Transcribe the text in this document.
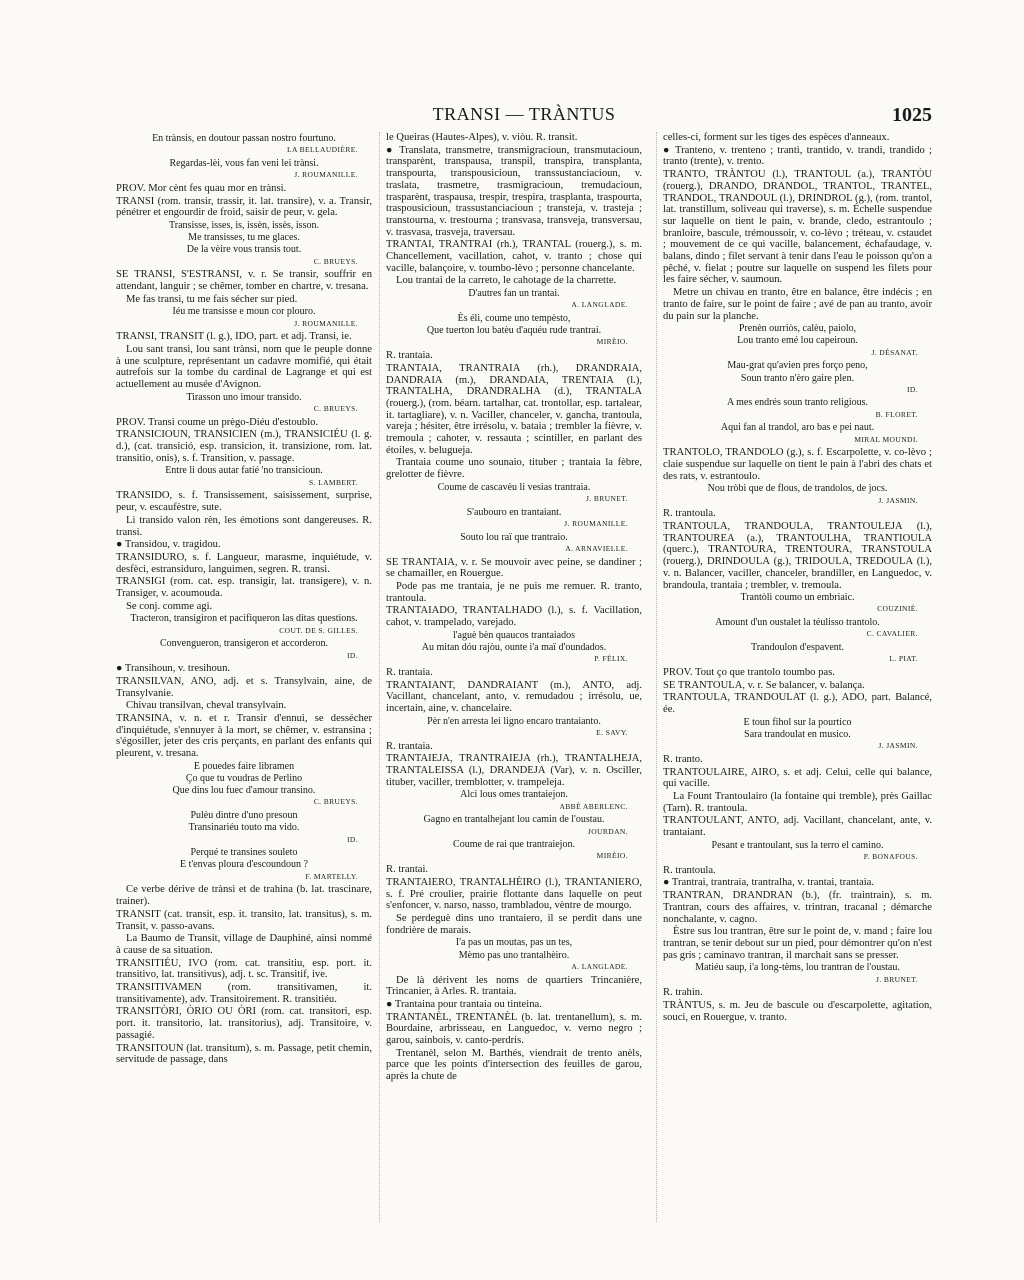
TRANSI — TRÀNTUS	1025
En trànsis, en doutour passan nostro fourtuno.
LA BELLAUDIÈRE.
Regardas-lèi, vous fan veni lei trànsi.
J. ROUMANILLE.
PROV. Mor cènt fes quau mor en trànsi.
TRANSI (rom. transir, trassir, it. lat. transire), v. a. Transir, pénétrer et engourdir de froid, saisir de peur, v. gela.
Transisse, isses, is, issèn, issès, isson.
Me transisses, tu me glaces.
De la vèire vous transis tout.
C. BRUEYS.
SE TRANSI, S'ESTRANSI, v. r. Se transir, souffrir en attendant, languir ; se chêmer, tomber en chartre, v. tresana.
Me fas transi, tu me fais sécher sur pied.
Iéu me transisse e moun cor plouro.
J. ROUMANILLE.
TRANSI, TRANSIT (l. g.), IDO, part. et adj. Transi, ie.
Lou sant transi, lou sant trànsi, nom que le peuple donne à une sculpture, représentant un cadavre momifié, qui était autrefois sur la tombe du cardinal de Lagrange et qui est actuellement au musée d'Avignon.
Tirasson uno imour transido.
C. BRUEYS.
PROV. Transi coume un prègo-Diéu d'estoublo.
TRANSICIOUN, TRANSICIEN (m.), TRANSICIÉU (l. g. d.), (cat. transició, esp. transicion, it. transizione, rom. lat. transitio, onis), s. f. Transition, v. passage.
Entre li dous autar fatié 'no transicioun.
S. LAMBERT.
TRANSIDO, s. f. Transissement, saisissement, surprise, peur, v. escaufèstre, sute.
Li transido valon rèn, les émotions sont dangereuses. R. transi.
● Transidou, v. tragidou.
TRANSIDURO, s. f. Langueur, marasme, inquiétude, v. desfèci, estransiduro, languimen, segren. R. transi.
TRANSIGI (rom. cat. esp. transigir, lat. transigere), v. n. Transiger, v. acoumouda.
Se conj. comme agi.
Tracteron, transigiron et pacifiqueron las ditas questions.
COUT. DE S. GILLES.
Convengueron, transigeron et accorderon.
ID.
● Transihoun, v. tresihoun.
TRANSILVAN, ANO, adj. et s. Transylvain, aine, de Transylvanie.
Chivau transilvan, cheval transylvain.
TRANSINA, v. n. et r. Transir d'ennui, se dessécher d'inquiétude, s'ennuyer à la mort, se chêmer, v. estransina ; s'égosiller, jeter des cris perçants, en parlant des enfants qui pleurent, v. tresana.
E pouedes faire libramen
Ço que tu voudras de Perlino
Que dins lou fuec d'amour transino.
C. BRUEYS.
Pulèu dintre d'uno presoun
Transinariéu touto ma vido.
ID.
Perqué te transines souleto
E t'envas ploura d'escoundoun ?
F. MARTELLY.
Ce verbe dérive de trànsi et de trahina (b. lat. trascinare, trainer).
TRANSIT (cat. transit, esp. it. transito, lat. transitus), s. m. Transit, v. passo-avans.
La Baumo de Transit, village de Dauphiné, ainsi nommé à cause de sa situation.
TRANSITIÉU, IVO (rom. cat. transitiu, esp. port. it. transitivo, lat. transitivus), adj. t. sc. Transitif, ive.
TRANSITIVAMEN (rom. transitivamen, it. transitivamente), adv. Transitoirement. R. transitiéu.
TRANSITÒRI, ÒRIO OU ÒRI (rom. cat. transitori, esp. port. it. transitorio, lat. transitorius), adj. Transitoire, v. passagié.
TRANSITOUN (lat. transitum), s. m. Passage, petit chemin, servitude de passage, dans
le Queiras (Hautes-Alpes), v. viòu. R. transit.
● Translata, transmetre, transmigracioun, transmutacioun, transparènt, transpausa, transpil, transpira, transplanta, transpourta, transpousicioun, transsustanciacioun, v. traslata, trasmetre, trasmigracioun, tremudacioun, trasparènt, traspausa, trespir, trespira, trasplanta, traspourta, traspousicioun, trassustanciacioun ; transteja, v. trasteja ; transtourna, v. trestourna ; transvasa, transveja, transversau, v. trasvasa, trasveja, traversau.
TRANTAI, TRANTRAI (rh.), TRANTAL (rouerg.), s. m. Chancellement, vacillation, cahot, v. tranto ; chose qui vacille, balançoire, v. toumbo-lèvo ; personne chancelante.
Lou trantai de la carreto, le cahotage de la charrette.
D'autres fan un trantai.
A. LANGLADE.
Ès éli, coume uno tempèsto,
Que tuerton lou batèu d'aquéu rude trantrai.
MIRÈIO.
R. trantaia.
TRANTAIA, TRANTRAIA (rh.), DRANDRAIA, DANDRAIA (m.), DRANDAIA, TRENTAIA (l.), TRANTALHA, DRANDRALHA (d.), TRANTALA (rouerg.), (rom. béarn. tartalhar, cat. trontollar, esp. tartalear, it. tartagliare), v. n. Vaciller, chanceler, v. gancha, trantoula, vareja ; hésiter, être irrésolu, v. bataia ; trembler la fièvre, v. tremoula ; cahoter, v. ressauta ; scintiller, en parlant des étoiles, v. belugueja.
Trantaia coume uno sounaio, tituber ; trantaia la fèbre, grelotter de fièvre.
Coume de cascavèu li vesias trantraia.
J. BRUNET.
S'aubouro en trantaiant.
J. ROUMANILLE.
Souto lou raï que trantraio.
A. ARNAVIELLE.
SE TRANTAIA, v. r. Se mouvoir avec peine, se dandiner ; se chamailler, en Rouergue.
Pode pas me trantaia, je ne puis me remuer. R. tranto, trantoula.
TRANTAIADO, TRANTALHADO (l.), s. f. Vacillation, cahot, v. trampelado, varejado.
l'aguè bèn quaucos trantaiados
Au mitan dóu rajòu, ounte i'a maï d'oundados.
P. FÉLIX.
R. trantaia.
TRANTAIANT, DANDRAIANT (m.), ANTO, adj. Vacillant, chancelant, anto, v. remudadou ; irrésolu, ue, incertain, aine, v. chancelaire.
Pèr n'en arresta lei ligno encaro trantaianto.
E. SAVY.
R. trantaia.
TRANTAIEJA, TRANTRAIEJA (rh.), TRANTALHEJA, TRANTALEISSA (l.), DRANDEJA (Var), v. n. Osciller, tituber, vaciller, tremblotter, v. trampeleja.
Alcì lous omes trantaiejon.
ABBÉ ABERLENC.
Gagno en trantalhejant lou camin de l'oustau.
JOURDAN.
Coume de rai que trantraiejon.
MIRÈIO.
R. trantai.
TRANTAIERO, TRANTALHÈIRO (l.), TRANTANIERO, s. f. Pré croulier, prairie flottante dans laquelle on peut s'enfoncer, v. narso, nasso, trambladou, vèntre de mourgo.
Se perdeguè dins uno trantaiero, il se perdit dans une fondrière de marais.
I'a pas un moutas, pas un tes,
Mèmo pas uno trantalhèiro.
A. LANGLADE.
De là dérivent les noms de quartiers Trincanière, Trincanier, à Arles. R. trantaia.
● Trantaina pour trantaia ou tinteina.
TRANTANÈL, TRENTANÈL (b. lat. trentanellum), s. m. Bourdaine, arbrisseau, en Languedoc, v. verno negro ; garou, sainbois, v. canto-perdris.
Trentanèl, selon M. Barthés, viendrait de trento anèls, parce que les points d'intersection des feuilles de garou, après la chute de
celles-ci, forment sur les tiges des espèces d'anneaux.
● Tranteno, v. trenteno ; tranti, trantido, v. trandi, trandido ; tranto (trente), v. trento.
TRANTO, TRÀNTOU (l.), TRANTOUL (a.), TRANTÒU (rouerg.), DRANDO, DRANDOL, TRANTOL, TRANTEL, TRANDOL, TRANDOUL (l.), DRINDROL (g.), (rom. trantol, lat. transtillum, soliveau qui traverse), s. m. Échelle suspendue sur laquelle on tient le pain, v. brande, cledo, estrantoulo ; branloire, bascule, trémoussoir, v. co-lèvo ; tréteau, v. cstaudet ; mouvement de ce qui vacille, balancement, échafaudage, v. balans, dindo ; filet servant à tenir dans l'eau le poisson qu'on a pêché, v. fielat ; poutre sur laquelle on suspend les filets pour les faire sécher, v. saumoun.
Metre un chivau en tranto, être en balance, être indécis ; en tranto de faire, sur le point de faire ; avé de pan au tranto, avoir du pain sur la planche.
Prenèn ourriòs, calèu, paiolo,
Lou tranto emé lou capeiroun.
J. DÉSANAT.
Mau-grat qu'avien pres forço peno,
Soun tranto n'èro gaire plen.
ID.
A mes endrés soun tranto religious.
B. FLORET.
Aqui fan al trandol, aro bas e pei naut.
MIRAL MOUNDI.
TRANTOLO, TRANDOLO (g.), s. f. Escarpolette, v. co-lèvo ; claie suspendue sur laquelle on tient le pain à l'abri des chats et des rats, v. estrantoulo.
Nou tròbi que de flous, de trandolos, de jocs.
J. JASMIN.
R. trantoula.
TRANTOULA, TRANDOULA, TRANTOULEJA (l.), TRANTOUREA (a.), TRANTOULHA, TRANTIOULA (querc.), TRANTOURA, TRENTOURA, TRANSTOULA (rouerg.), DRINDOULA (g.), TRIDOULA, TREDOULA (l.), v. n. Balancer, vaciller, chanceler, brandiller, en Languedoc, v. brandoula, trantaia ; trembler, v. tremoula.
Trantòli coumo un embriaic.
COUZINIÉ.
Amount d'un oustalet la téulisso trantolo.
C. CAVALIER.
Trandoulon d'espavent.
L. PIAT.
PROV. Tout ço que trantolo toumbo pas.
SE TRANTOULA, v. r. Se balancer, v. balança.
TRANTOULA, TRANDOULAT (l. g.), ADO, part. Balancé, ée.
E toun fihol sur la pourtico
Sara trandoulat en musico.
J. JASMIN.
R. tranto.
TRANTOULAIRE, AIRO, s. et adj. Celui, celle qui balance, qui vacille.
La Fount Trantoulairo (la fontaine qui tremble), près Gaillac (Tarn). R. trantoula.
TRANTOULANT, ANTO, adj. Vacillant, chancelant, ante, v. trantaiant.
Pesant e trantoulant, sus la terro el camino.
P. BONAFOUS.
R. trantoula.
● Trantrai, trantraia, trantralha, v. trantai, trantaia.
TRANTRAN, DRANDRAN (b.), (fr. traintrain), s. m. Trantran, cours des affaires, v. trintran, tracanal ; démarche nonchalante, v. cagno.
Èstre sus lou trantran, être sur le point de, v. mand ; faire lou trantran, se tenir debout sur un pied, pour démontrer qu'on n'est pas gris ; caminavo trantran, il marchait sans se presser.
Matiéu saup, i'a long-tèms, lou trantran de l'oustau.
J. BRUNET.
R. trahin.
TRÀNTUS, s. m. Jeu de bascule ou d'escarpolette, agitation, souci, en Rouergue, v. tranto.
